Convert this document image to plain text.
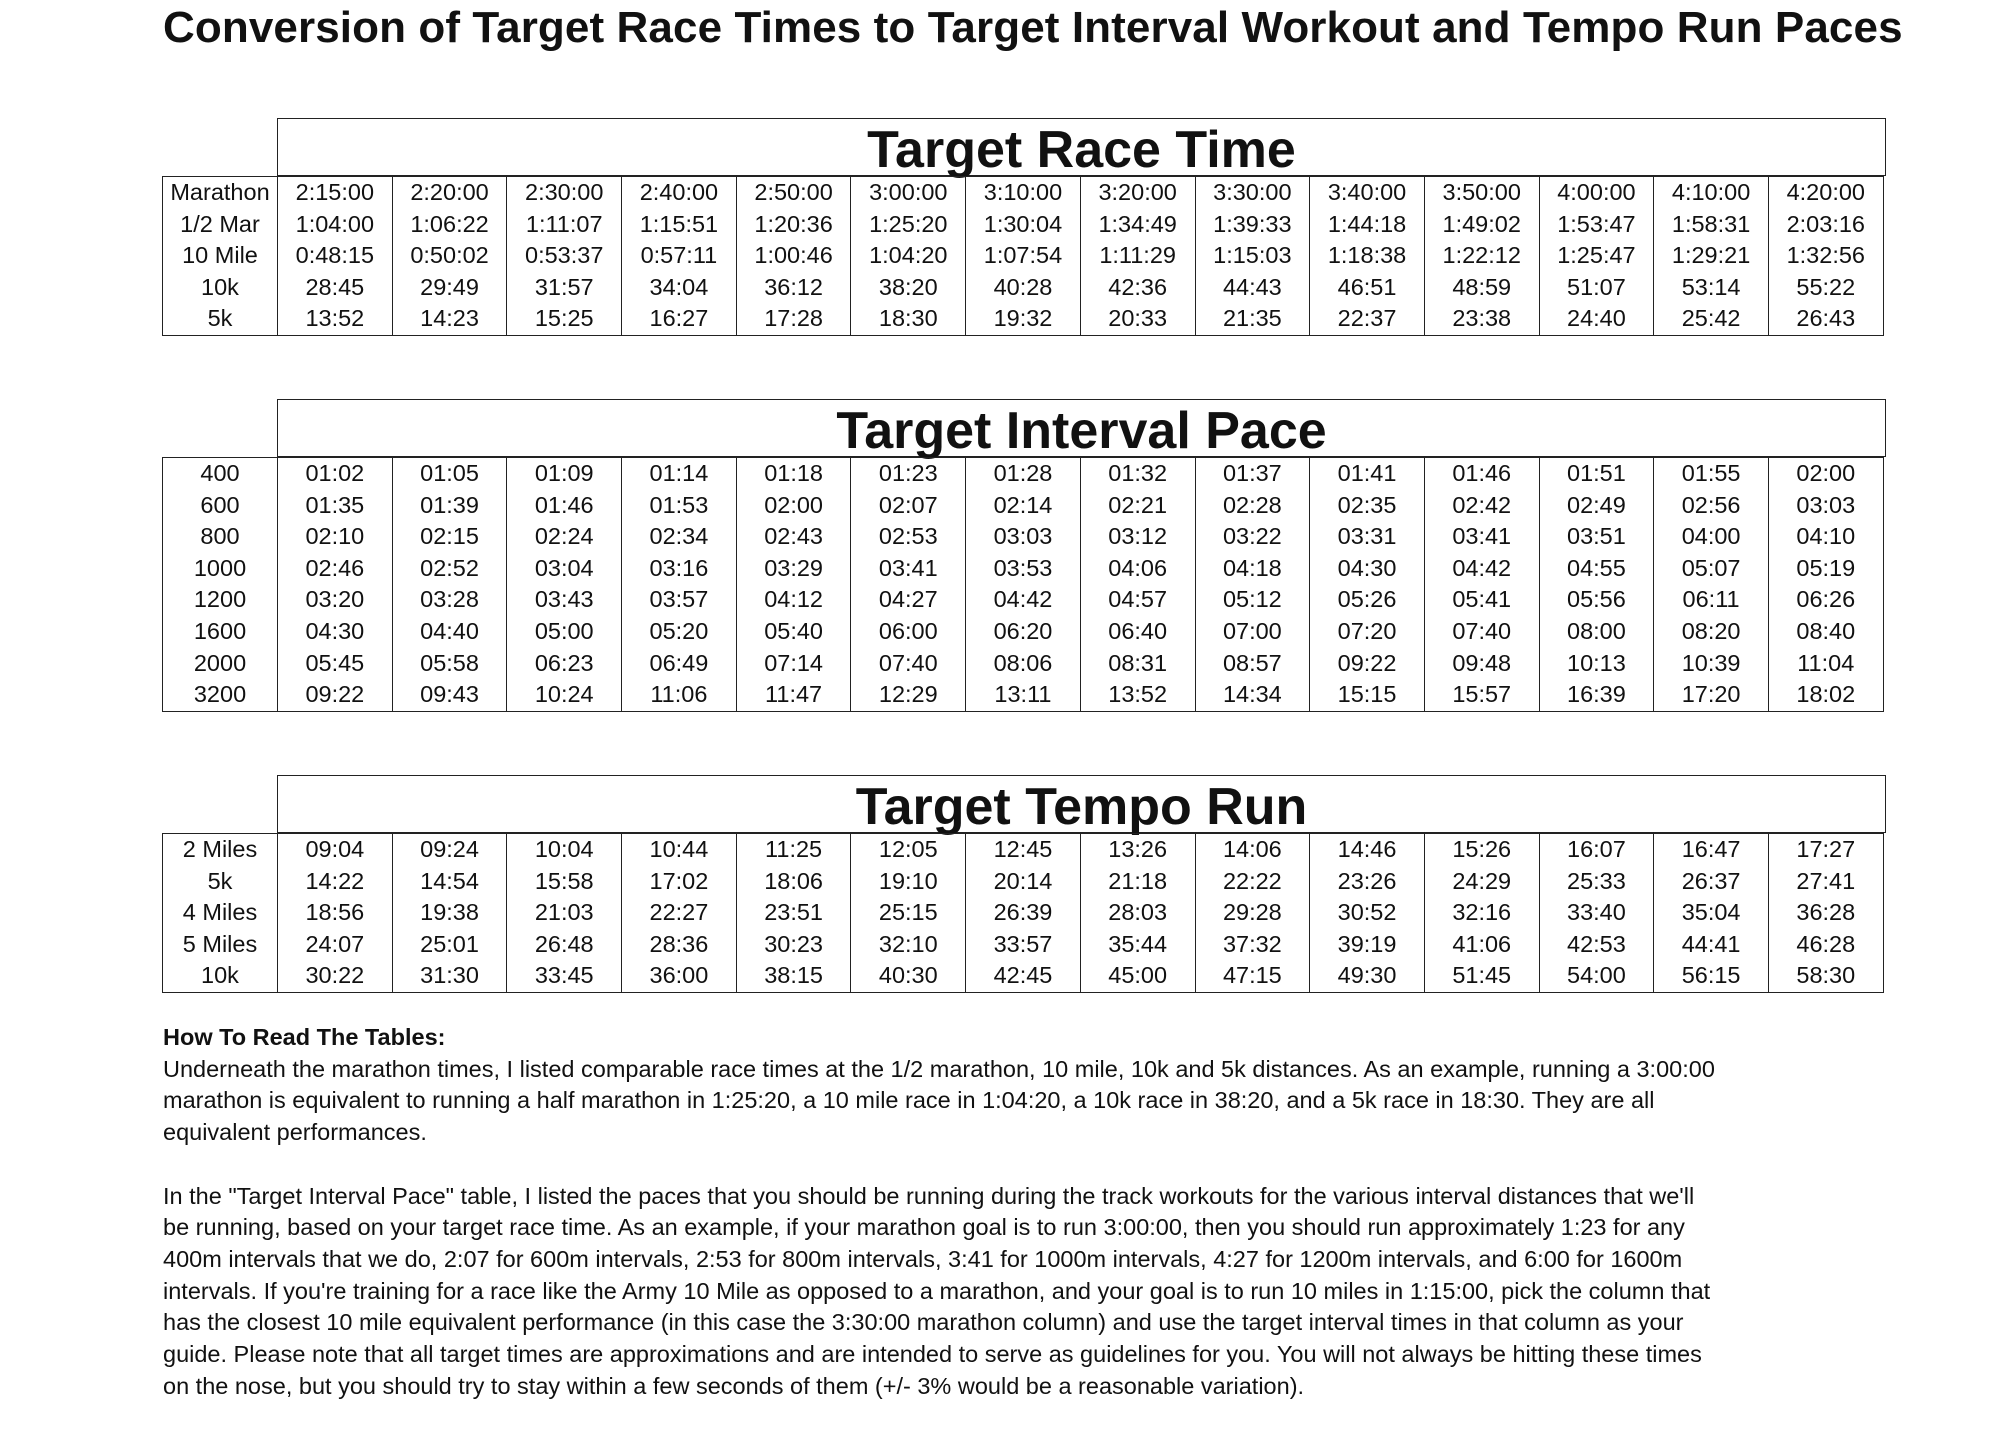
Conversion of Target Race Times to Target Interval Workout and Tempo Run Paces
Target Race Time
Marathon	2:15:00	2:20:00	2:30:00	2:40:00	2:50:00	3:00:00	3:10:00	3:20:00	3:30:00	3:40:00	3:50:00	4:00:00	4:10:00	4:20:00
1/2 Mar	1:04:00	1:06:22	1:11:07	1:15:51	1:20:36	1:25:20	1:30:04	1:34:49	1:39:33	1:44:18	1:49:02	1:53:47	1:58:31	2:03:16
10 Mile	0:48:15	0:50:02	0:53:37	0:57:11	1:00:46	1:04:20	1:07:54	1:11:29	1:15:03	1:18:38	1:22:12	1:25:47	1:29:21	1:32:56
10k	28:45	29:49	31:57	34:04	36:12	38:20	40:28	42:36	44:43	46:51	48:59	51:07	53:14	55:22
5k	13:52	14:23	15:25	16:27	17:28	18:30	19:32	20:33	21:35	22:37	23:38	24:40	25:42	26:43
Target Interval Pace
400	01:02	01:05	01:09	01:14	01:18	01:23	01:28	01:32	01:37	01:41	01:46	01:51	01:55	02:00
600	01:35	01:39	01:46	01:53	02:00	02:07	02:14	02:21	02:28	02:35	02:42	02:49	02:56	03:03
800	02:10	02:15	02:24	02:34	02:43	02:53	03:03	03:12	03:22	03:31	03:41	03:51	04:00	04:10
1000	02:46	02:52	03:04	03:16	03:29	03:41	03:53	04:06	04:18	04:30	04:42	04:55	05:07	05:19
1200	03:20	03:28	03:43	03:57	04:12	04:27	04:42	04:57	05:12	05:26	05:41	05:56	06:11	06:26
1600	04:30	04:40	05:00	05:20	05:40	06:00	06:20	06:40	07:00	07:20	07:40	08:00	08:20	08:40
2000	05:45	05:58	06:23	06:49	07:14	07:40	08:06	08:31	08:57	09:22	09:48	10:13	10:39	11:04
3200	09:22	09:43	10:24	11:06	11:47	12:29	13:11	13:52	14:34	15:15	15:57	16:39	17:20	18:02
Target Tempo Run
2 Miles	09:04	09:24	10:04	10:44	11:25	12:05	12:45	13:26	14:06	14:46	15:26	16:07	16:47	17:27
5k	14:22	14:54	15:58	17:02	18:06	19:10	20:14	21:18	22:22	23:26	24:29	25:33	26:37	27:41
4 Miles	18:56	19:38	21:03	22:27	23:51	25:15	26:39	28:03	29:28	30:52	32:16	33:40	35:04	36:28
5 Miles	24:07	25:01	26:48	28:36	30:23	32:10	33:57	35:44	37:32	39:19	41:06	42:53	44:41	46:28
10k	30:22	31:30	33:45	36:00	38:15	40:30	42:45	45:00	47:15	49:30	51:45	54:00	56:15	58:30
How To Read The Tables:

Underneath the marathon times, I listed comparable race times at the 1/2 marathon, 10 mile, 10k and 5k distances. As an example, running a 3:00:00 marathon is equivalent to running a half marathon in 1:25:20, a 10 mile race in 1:04:20, a 10k race in 38:20, and a 5k race in 18:30. They are all equivalent performances.

In the "Target Interval Pace" table, I listed the paces that you should be running during the track workouts for the various interval distances that we'll be running, based on your target race time. As an example, if your marathon goal is to run 3:00:00, then you should run approximately 1:23 for any 400m intervals that we do, 2:07 for 600m intervals, 2:53 for 800m intervals, 3:41 for 1000m intervals, 4:27 for 1200m intervals, and 6:00 for 1600m intervals. If you're training for a race like the Army 10 Mile as opposed to a marathon, and your goal is to run 10 miles in 1:15:00, pick the column that has the closest 10 mile equivalent performance (in this case the 3:30:00 marathon column) and use the target interval times in that column as your guide. Please note that all target times are approximations and are intended to serve as guidelines for you. You will not always be hitting these times on the nose, but you should try to stay within a few seconds of them (+/- 3% would be a reasonable variation).
